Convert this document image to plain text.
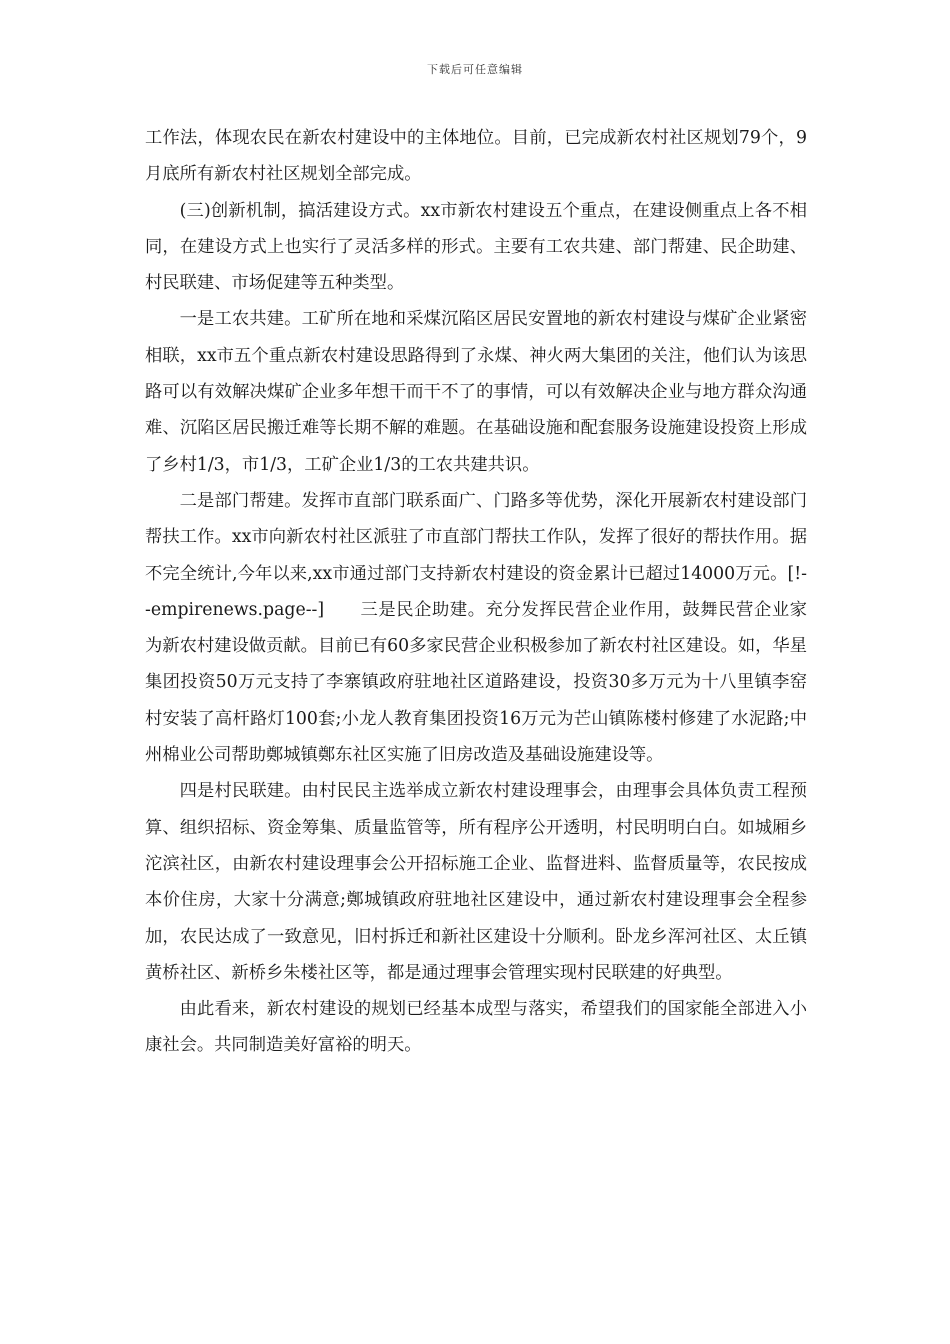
下载后可任意编辑

工作法，体现农民在新农村建设中的主体地位。目前，已完成新农村社区规划79个，9月底所有新农村社区规划全部完成。

(三)创新机制，搞活建设方式。xx市新农村建设五个重点，在建设侧重点上各不相同，在建设方式上也实行了灵活多样的形式。主要有工农共建、部门帮建、民企助建、村民联建、市场促建等五种类型。

一是工农共建。工矿所在地和采煤沉陷区居民安置地的新农村建设与煤矿企业紧密相联，xx市五个重点新农村建设思路得到了永煤、神火两大集团的关注，他们认为该思路可以有效解决煤矿企业多年想干而干不了的事情，可以有效解决企业与地方群众沟通难、沉陷区居民搬迁难等长期不解的难题。在基础设施和配套服务设施建设投资上形成了乡村1/3，市1/3，工矿企业1/3的工农共建共识。

二是部门帮建。发挥市直部门联系面广、门路多等优势，深化开展新农村建设部门帮扶工作。xx市向新农村社区派驻了市直部门帮扶工作队，发挥了很好的帮扶作用。据不完全统计,今年以来,xx市通过部门支持新农村建设的资金累计已超过14000万元。[!--empirenews.page--]　　三是民企助建。充分发挥民营企业作用，鼓舞民营企业家为新农村建设做贡献。目前已有60多家民营企业积极参加了新农村社区建设。如，华星集团投资50万元支持了李寨镇政府驻地社区道路建设，投资30多万元为十八里镇李窑村安装了高杆路灯100套;小龙人教育集团投资16万元为芒山镇陈楼村修建了水泥路;中州棉业公司帮助鄭城镇鄭东社区实施了旧房改造及基础设施建设等。

四是村民联建。由村民民主选举成立新农村建设理事会，由理事会具体负责工程预算、组织招标、资金筹集、质量监管等，所有程序公开透明，村民明明白白。如城厢乡沱滨社区，由新农村建设理事会公开招标施工企业、监督进料、监督质量等，农民按成本价住房，大家十分满意;鄭城镇政府驻地社区建设中，通过新农村建设理事会全程参加，农民达成了一致意见，旧村拆迁和新社区建设十分顺利。卧龙乡浑河社区、太丘镇黄桥社区、新桥乡朱楼社区等，都是通过理事会管理实现村民联建的好典型。

由此看来，新农村建设的规划已经基本成型与落实，希望我们的国家能全部进入小康社会。共同制造美好富裕的明天。
